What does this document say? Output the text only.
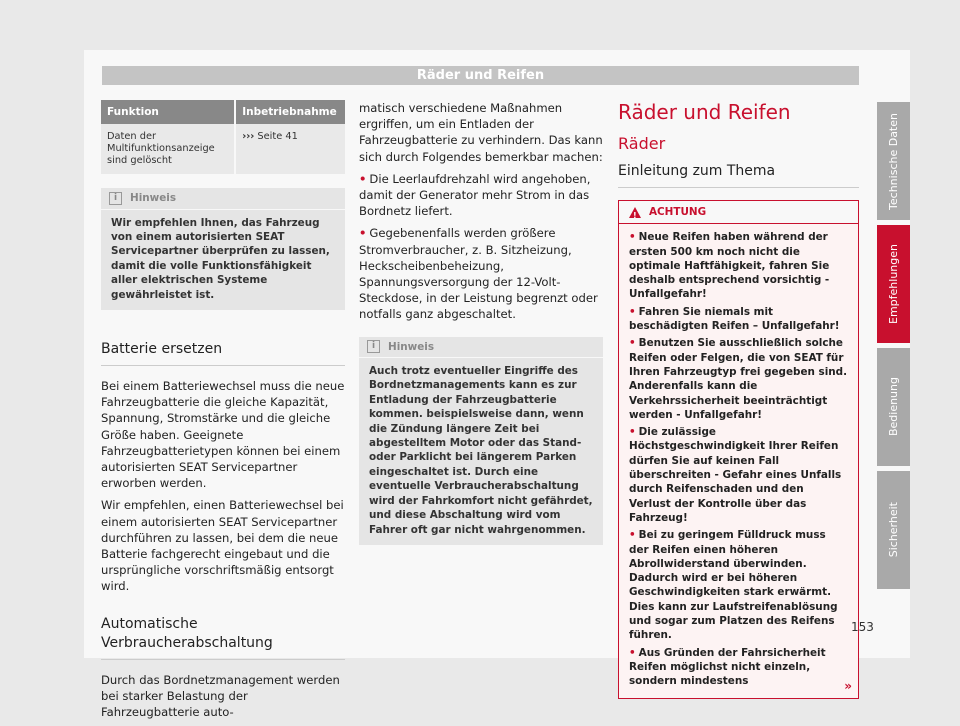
Räder und Reifen
Funktion	Inbetriebnahme
Daten der Multifunktionsanzeige sind gelöscht	››› Seite 41
i	Hinweis
Wir empfehlen Ihnen, das Fahrzeug von einem autorisierten SEAT Servicepartner überprüfen zu lassen, damit die volle Funktionsfähigkeit aller elektrischen Systeme gewährleistet ist.
Batterie ersetzen

Bei einem Batteriewechsel muss die neue Fahrzeugbatterie die gleiche Kapazität, Spannung, Stromstärke und die gleiche Größe haben. Geeignete Fahrzeugbatterietypen können bei einem autorisierten SEAT Servicepartner erworben werden.

Wir empfehlen, einen Batteriewechsel bei einem autorisierten SEAT Servicepartner durchführen zu lassen, bei dem die neue Batterie fachgerecht eingebaut und die ursprüngliche vorschriftsmäßig entsorgt wird.

Automatische Verbraucherabschaltung

Durch das Bordnetzmanagement werden bei starker Belastung der Fahrzeugbatterie auto-

matisch verschiedene Maßnahmen ergriffen, um ein Entladen der Fahrzeugbatterie zu verhindern. Das kann sich durch Folgendes bemerkbar machen:

• Die Leerlaufdrehzahl wird angehoben, damit der Generator mehr Strom in das Bordnetz liefert.

• Gegebenenfalls werden größere Stromverbraucher, z. B. Sitzheizung, Heckscheibenbeheizung, Spannungsversorgung der 12-Volt-Steckdose, in der Leistung begrenzt oder notfalls ganz abgeschaltet.

i	Hinweis
Auch trotz eventueller Eingriffe des Bordnetzmanagements kann es zur Entladung der Fahrzeugbatterie kommen. beispielsweise dann, wenn die Zündung längere Zeit bei abgestelltem Motor oder das Stand- oder Parklicht bei längerem Parken eingeschaltet ist. Durch eine eventuelle Verbraucherabschaltung wird der Fahrkomfort nicht gefährdet, und diese Abschaltung wird vom Fahrer oft gar nicht wahrgenommen.
Räder und Reifen
Räder
Einleitung zum Thema
! ACHTUNG

• Neue Reifen haben während der ersten 500 km noch nicht die optimale Haftfähigkeit, fahren Sie deshalb entsprechend vorsichtig - Unfallgefahr!

• Fahren Sie niemals mit beschädigten Reifen – Unfallgefahr!

• Benutzen Sie ausschließlich solche Reifen oder Felgen, die von SEAT für Ihren Fahrzeugtyp frei gegeben sind. Anderenfalls kann die Verkehrssicherheit beeinträchtigt werden - Unfallgefahr!

• Die zulässige Höchstgeschwindigkeit Ihrer Reifen dürfen Sie auf keinen Fall überschreiten - Gefahr eines Unfalls durch Reifenschaden und den Verlust der Kontrolle über das Fahrzeug!

• Bei zu geringem Fülldruck muss der Reifen einen höheren Abrollwiderstand überwinden. Dadurch wird er bei höheren Geschwindigkeiten stark erwärmt. Dies kann zur Laufstreifenablösung und sogar zum Platzen des Reifens führen.

• Aus Gründen der Fahrsicherheit Reifen möglichst nicht einzeln, sondern mindestens	»
Technische Daten
Empfehlungen
Bedienung
Sicherheit
153
